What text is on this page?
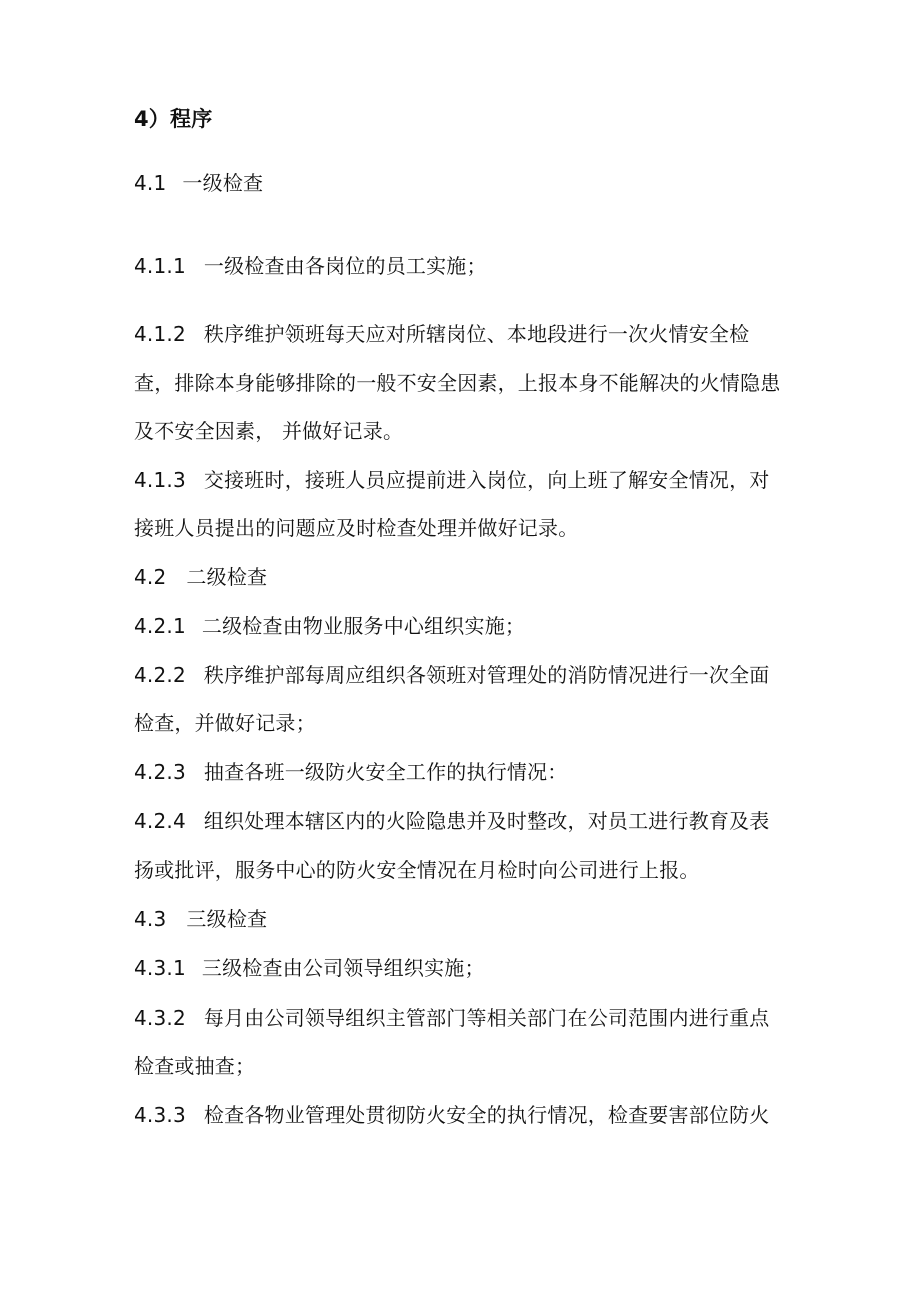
4）程序
4.1 一级检查
4.1.1 一级检查由各岗位的员工实施；
4.1.2 秩序维护领班每天应对所辖岗位、本地段进行一次火情安全检
查，排除本身能够排除的一般不安全因素，上报本身不能解决的火情隐患
及不安全因素， 并做好记录。
4.1.3 交接班时，接班人员应提前进入岗位，向上班了解安全情况，对
接班人员提出的问题应及时检查处理并做好记录。
4.2 二级检查
4.2.1 二级检查由物业服务中心组织实施；
4.2.2 秩序维护部每周应组织各领班对管理处的消防情况进行一次全面
检查，并做好记录；
4.2.3 抽查各班一级防火安全工作的执行情况：
4.2.4 组织处理本辖区内的火险隐患并及时整改，对员工进行教育及表
扬或批评，服务中心的防火安全情况在月检时向公司进行上报。
4.3 三级检查
4.3.1 三级检查由公司领导组织实施；
4.3.2 每月由公司领导组织主管部门等相关部门在公司范围内进行重点
检查或抽查；
4.3.3 检查各物业管理处贯彻防火安全的执行情况，检查要害部位防火
